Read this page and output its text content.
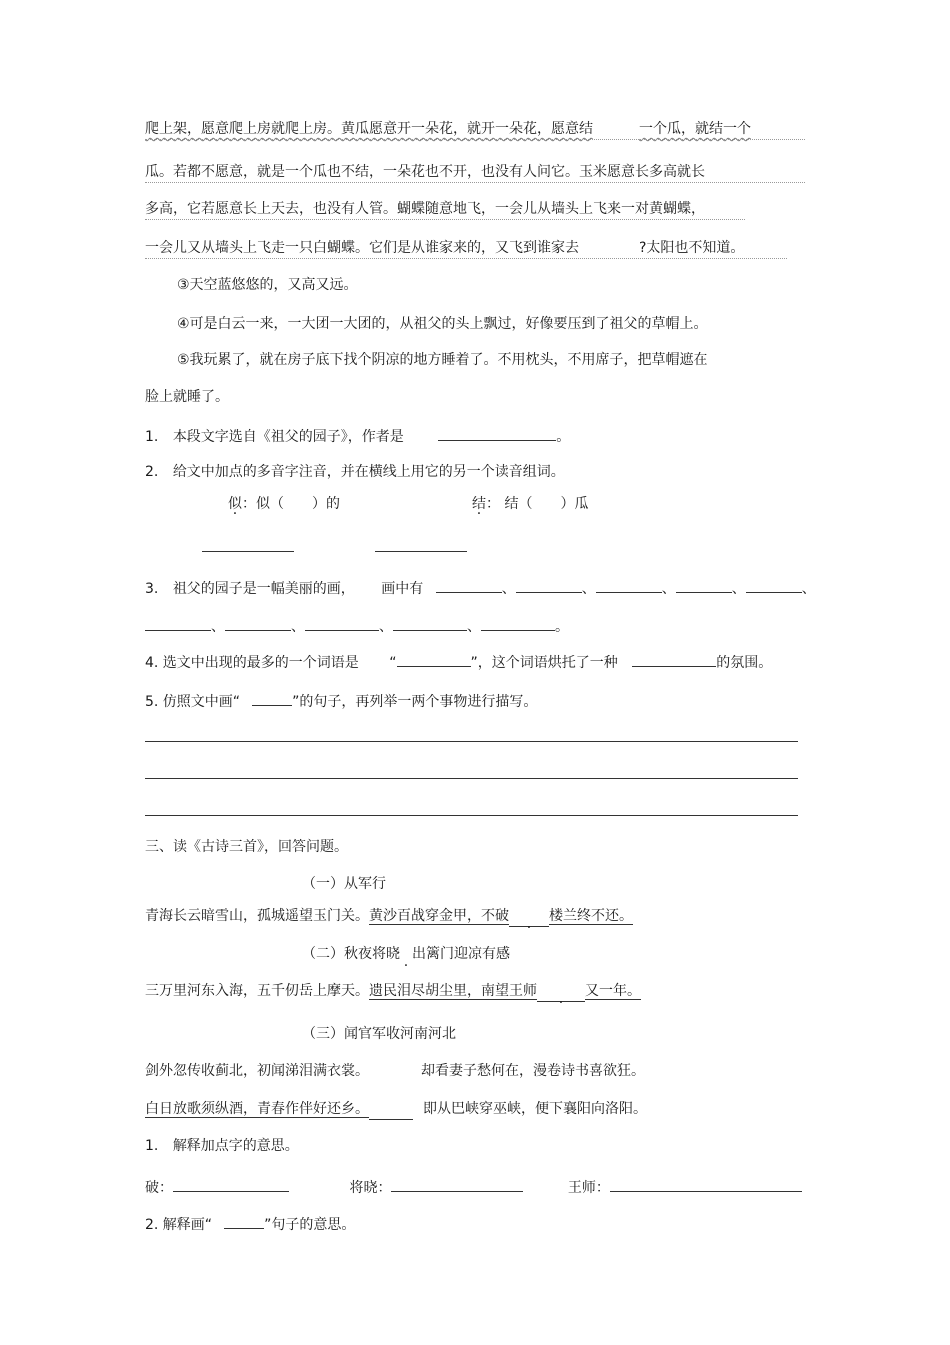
爬上架，愿意爬上房就爬上房。黄瓜愿意开一朵花，就开一朵花，愿意结	一个瓜，就结一个
瓜。若都不愿意，就是一个瓜也不结，一朵花也不开，也没有人问它。玉米愿意长多高就长
多高，它若愿意长上天去，也没有人管。蝴蝶随意地飞，一会儿从墙头上飞来一对黄蝴蝶，
一会儿又从墙头上飞走一只白蝴蝶。它们是从谁家来的，又飞到谁家去	?太阳也不知道。
③天空蓝悠悠的，又高又远。
④可是白云一来，一大团一大团的，从祖父的头上飘过，好像要压到了祖父的草帽上。
⑤我玩累了，就在房子底下找个阴凉的地方睡着了。不用枕头，不用席子，把草帽遮在
脸上就睡了。
1. 本段文字选自《祖父的园子》，作者是	。
2. 给文中加点的多音字注音，并在横线上用它的另一个读音组词。
似：似（　　）的	结： 结（　　）瓜
3. 祖父的园子是一幅美丽的画， 画中有	、	、	、	、	、
、	、	、	、	。
4. 选文中出现的最多的一个词语是 “	”，这个词语烘托了一种	的氛围。
5. 仿照文中画“	”的句子，再列举一两个事物进行描写。
三、读《古诗三首》，回答问题。
（一）从军行
青海长云暗雪山，孤城遥望玉门关。黄沙百战穿金甲，不破 ·	楼兰终不还。
（二）秋夜将晓 · 出篱门迎凉有感
三万里河东入海，五千仞岳上摩天。遗民泪尽胡尘里，南望王师 ·	又一年。
（三）闻官军收河南河北
剑外忽传收蓟北，初闻涕泪满衣裳。	却看妻子愁何在，漫卷诗书喜欲狂。
白日放歌须纵酒，青春作伴好还乡。	即从巴峡穿巫峡，便下襄阳向洛阳。
1. 解释加点字的意思。
破：	将晓：	王师：
2. 解释画“	”句子的意思。
